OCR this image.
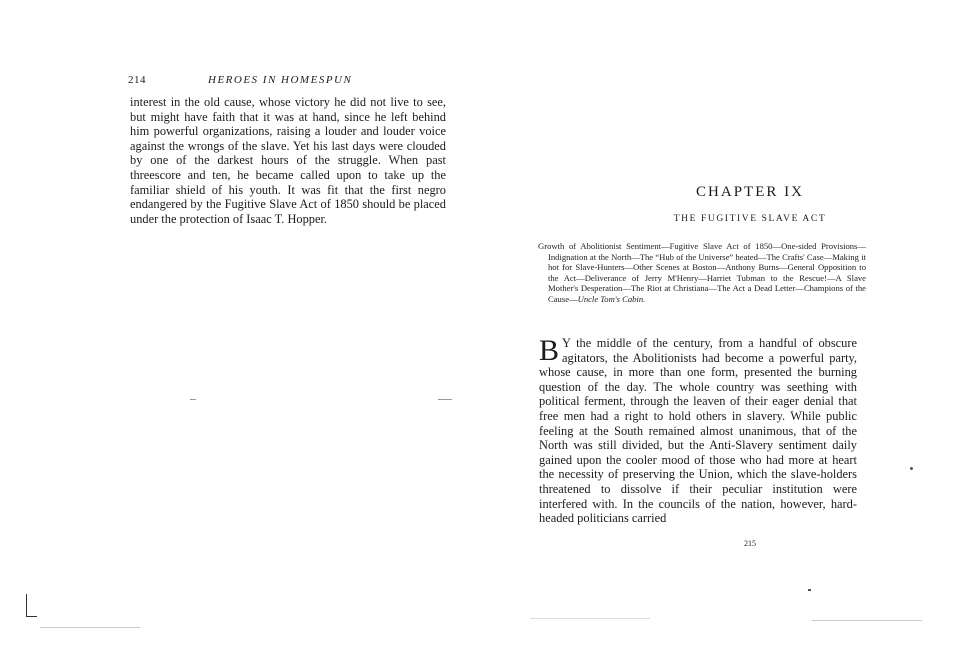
214	HEROES IN HOMESPUN
interest in the old cause, whose victory he did not live to see, but might have faith that it was at hand, since he left behind him powerful organizations, raising a louder and louder voice against the wrongs of the slave. Yet his last days were clouded by one of the darkest hours of the struggle. When past threescore and ten, he became called upon to take up the familiar shield of his youth. It was fit that the first negro endangered by the Fugitive Slave Act of 1850 should be placed under the protection of Isaac T. Hopper.
CHAPTER IX
THE FUGITIVE SLAVE ACT
Growth of Abolitionist Sentiment—Fugitive Slave Act of 1850—One-sided Provisions—Indignation at the North—The “Hub of the Universe” heated—The Crafts' Case—Making it hot for Slave-Hunters—Other Scenes at Boston—Anthony Burns—General Opposition to the Act—Deliverance of Jerry M'Henry—Harriet Tubman to the Rescue!—A Slave Mother's Desperation—The Riot at Christiana—The Act a Dead Letter—Champions of the Cause—Uncle Tom's Cabin.
B Y the middle of the century, from a handful of obscure agitators, the Abolitionists had become a powerful party, whose cause, in more than one form, presented the burning question of the day. The whole country was seething with political ferment, through the leaven of their eager denial that free men had a right to hold others in slavery. While public feeling at the South remained almost unanimous, that of the North was still divided, but the Anti-Slavery sentiment daily gained upon the cooler mood of those who had more at heart the necessity of preserving the Union, which the slave-holders threatened to dissolve if their peculiar institution were interfered with. In the councils of the nation, however, hard-headed politicians carried
215
